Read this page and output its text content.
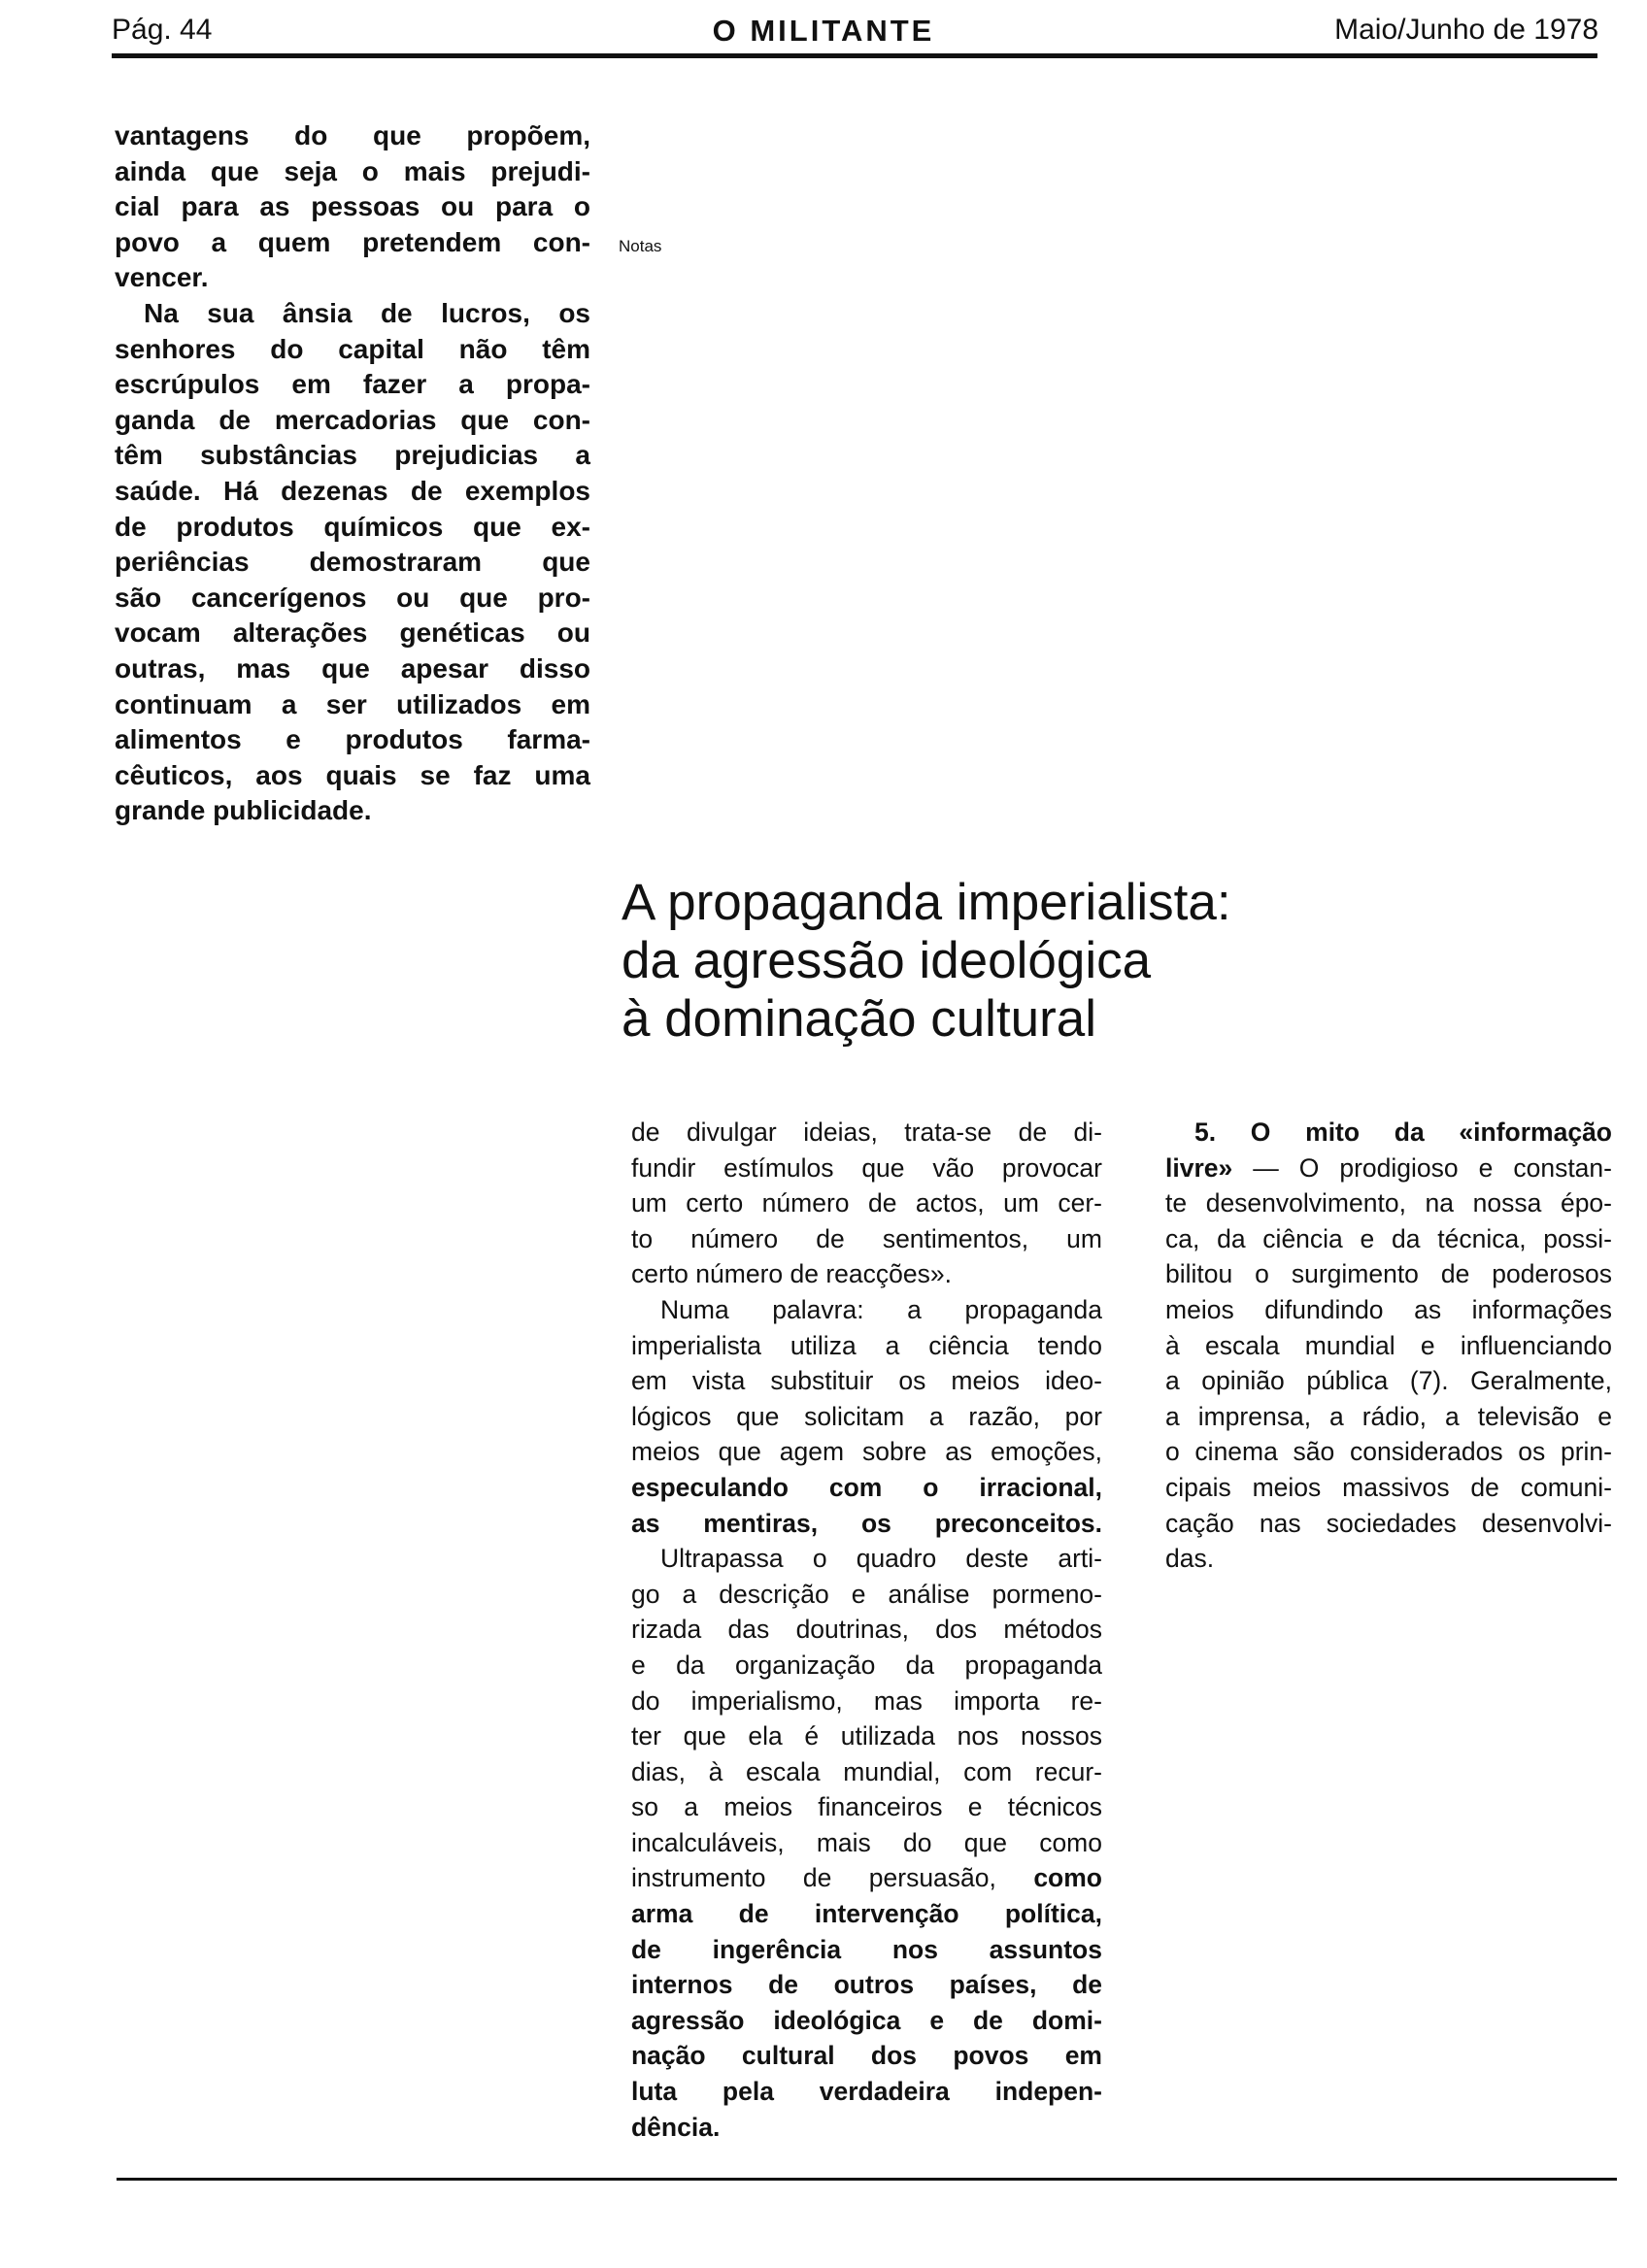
Pág. 44	O MILITANTE	Maio/Junho de 1978
vantagens do que propõem,
ainda que seja o mais prejudi-
cial para as pessoas ou para o
povo a quem pretendem con-
vencer.
Na sua ânsia de lucros, os
senhores do capital não têm
escrúpulos em fazer a propa-
ganda de mercadorias que con-
têm substâncias prejudicias a
saúde. Há dezenas de exemplos
de produtos químicos que ex-
periências demostraram que
são cancerígenos ou que pro-
vocam alterações genéticas ou
outras, mas que apesar disso
continuam a ser utilizados em
alimentos e produtos farma-
cêuticos, aos quais se faz uma
grande publicidade.
Notas
A propaganda imperialista:
da agressão ideológica
à dominação cultural
de divulgar ideias, trata-se de di-
fundir estímulos que vão provocar
um certo número de actos, um cer-
to número de sentimentos, um
certo número de reacções».
Numa palavra: a propaganda
imperialista utiliza a ciência tendo
em vista substituir os meios ideo-
lógicos que solicitam a razão, por
meios que agem sobre as emoções,
especulando com o irracional,
as mentiras, os preconceitos.
Ultrapassa o quadro deste arti-
go a descrição e análise pormeno-
rizada das doutrinas, dos métodos
e da organização da propaganda
do imperialismo, mas importa re-
ter que ela é utilizada nos nossos
dias, à escala mundial, com recur-
so a meios financeiros e técnicos
incalculáveis, mais do que como
instrumento de persuasão, como
arma de intervenção política,
de ingerência nos assuntos
internos de outros países, de
agressão ideológica e de domi-
nação cultural dos povos em
luta pela verdadeira indepen-
dência.
5. O mito da «informação
livre» — O prodigioso e constan-
te desenvolvimento, na nossa épo-
ca, da ciência e da técnica, possi-
bilitou o surgimento de poderosos
meios difundindo as informações
à escala mundial e influenciando
a opinião pública (7). Geralmente,
a imprensa, a rádio, a televisão e
o cinema são considerados os prin-
cipais meios massivos de comuni-
cação nas sociedades desenvolvi-
das.
